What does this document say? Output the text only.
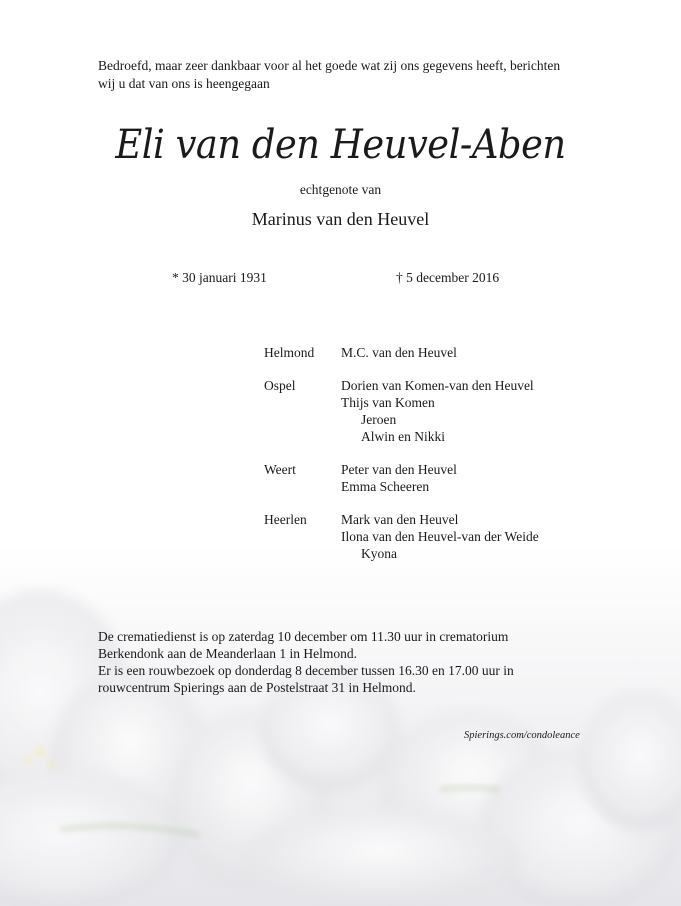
Bedroefd, maar zeer dankbaar voor al het goede wat zij ons gegevens heeft, berichten wij u dat van ons is heengegaan
Eli van den Heuvel-Aben
echtgenote van
Marinus van den Heuvel
* 30 januari 1931	† 5 december 2016
Helmond	M.C. van den Heuvel
Ospel	Dorien van Komen-van den Heuvel
Thijs van Komen
Jeroen
Alwin en Nikki
Weert	Peter van den Heuvel
Emma Scheeren
Heerlen	Mark van den Heuvel
Ilona van den Heuvel-van der Weide
Kyona
De crematiedienst is op zaterdag 10 december om 11.30 uur in crematorium
Berkendonk aan de Meanderlaan 1 in Helmond.
Er is een rouwbezoek op donderdag 8 december tussen 16.30 en 17.00 uur in
rouwcentrum Spierings aan de Postelstraat 31 in Helmond.
Spierings.com/condoleance
